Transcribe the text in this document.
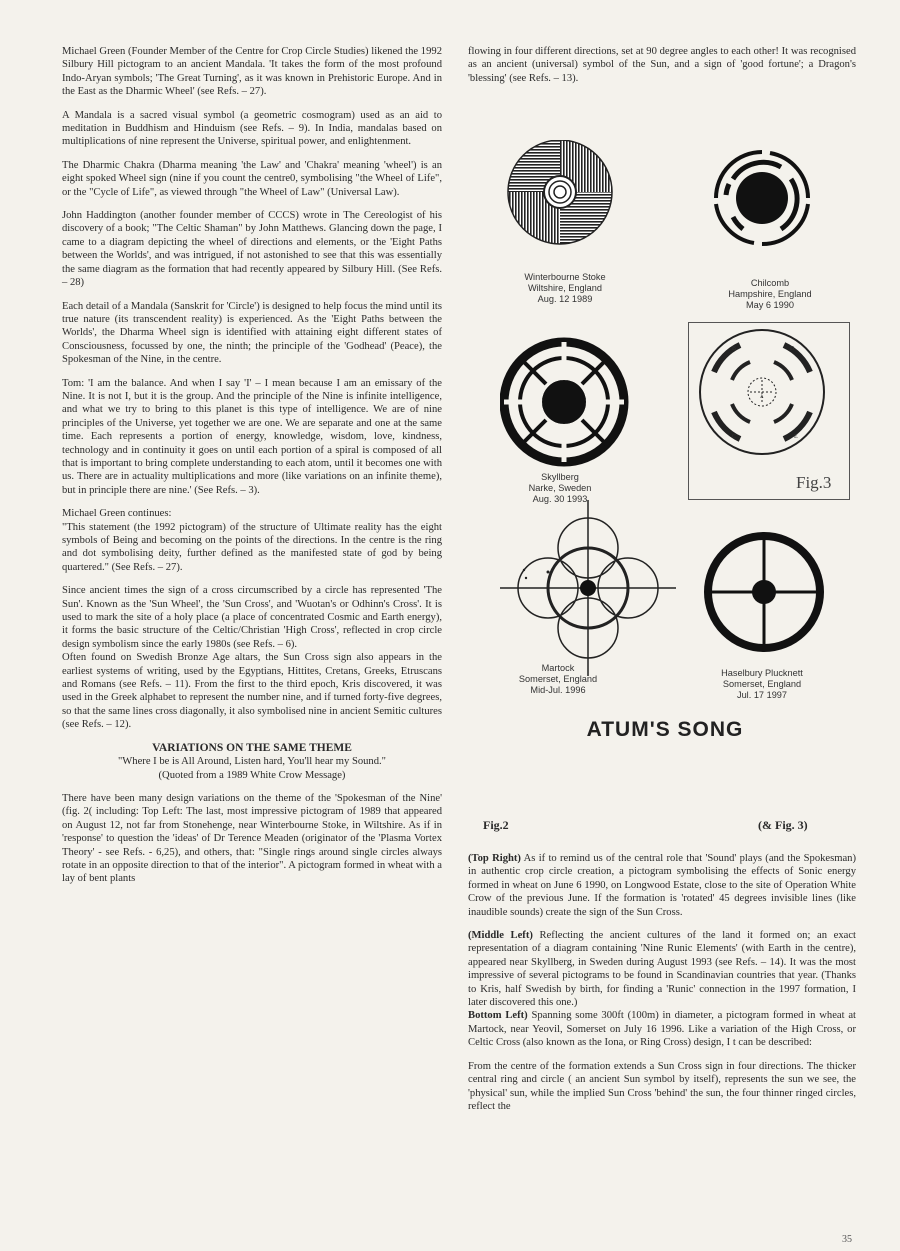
Michael Green (Founder Member of the Centre for Crop Circle Studies) likened the 1992 Silbury Hill pictogram to an ancient Mandala. 'It takes the form of the most profound Indo-Aryan symbols; 'The Great Turning', as it was known in Prehistoric Europe. And in the East as the Dharmic Wheel' (see Refs. – 27).

A Mandala is a sacred visual symbol (a geometric cosmogram) used as an aid to meditation in Buddhism and Hinduism (see Refs. – 9). In India, mandalas based on multiplications of nine represent the Universe, spiritual power, and enlightenment.

The Dharmic Chakra (Dharma meaning 'the Law' and 'Chakra' meaning 'wheel') is an eight spoked Wheel sign (nine if you count the centre0, symbolising "the Wheel of Life", or the "Cycle of Life", as viewed through "the Wheel of Law" (Universal Law).

John Haddington (another founder member of CCCS) wrote in The Cereologist of his discovery of a book; "The Celtic Shaman" by John Matthews. Glancing down the page, I came to a diagram depicting the wheel of directions and elements, or the 'Eight Paths between the Worlds', and was intrigued, if not astonished to see that this was essentially the same diagram as the formation that had recently appeared by Silbury Hill. (See Refs. – 28)

Each detail of a Mandala (Sanskrit for 'Circle') is designed to help focus the mind until its true nature (its transcendent reality) is experienced. As the 'Eight Paths between the Worlds', the Dharma Wheel sign is identified with attaining eight different states of Consciousness, focussed by one, the ninth; the principle of the 'Godhead' (Peace), the Spokesman of the Nine, in the centre.

Tom: 'I am the balance. And when I say 'I' – I mean because I am an emissary of the Nine. It is not I, but it is the group. And the principle of the Nine is infinite intelligence, and what we try to bring to this planet is this type of intelligence. We are of nine principles of the Universe, yet together we are one. We are separate and one at the same time. Each represents a portion of energy, knowledge, wisdom, love, kindness, technology and in continuity it goes on until each portion of a spiral is composed of all that is important to bring complete understanding to each atom, until it becomes one with us. There are in actuality multiplications and more (like variations on an infinite theme), but in principle there are nine.' (See Refs. – 3).

Michael Green continues:

"This statement (the 1992 pictogram) of the structure of Ultimate reality has the eight symbols of Being and becoming on the points of the directions. In the centre is the ring and dot symbolising deity, further defined as the manifested state of god by being quartered." (See Refs. – 27).

Since ancient times the sign of a cross circumscribed by a circle has represented 'The Sun'. Known as the 'Sun Wheel', the 'Sun Cross', and 'Wuotan's or Odhinn's Cross'. It is used to mark the site of a holy place (a place of concentrated Cosmic and Earth energy), it forms the basic structure of the Celtic/Christian 'High Cross', reflected in crop circle design symbolism since the early 1980s (see Refs. – 6).

Often found on Swedish Bronze Age altars, the Sun Cross sign also appears in the earliest systems of writing, used by the Egyptians, Hittites, Cretans, Greeks, Etruscans and Romans (see Refs. – 11). From the first to the third epoch, Kris discovered, it was used in the Greek alphabet to represent the number nine, and if turned forty-five degrees, so that the same lines cross diagonally, it also symbolised nine in ancient Semitic cultures (see Refs. – 12).

VARIATIONS ON THE SAME THEME
"Where I be is All Around, Listen hard, You'll hear my Sound."
(Quoted from a 1989 White Crow Message)

There have been many design variations on the theme of the 'Spokesman of the Nine' (fig. 2( including: Top Left: The last, most impressive pictogram of 1989 that appeared on August 12, not far from Stonehenge, near Winterbourne Stoke, in Wiltshire. As if in 'response' to question the 'ideas' of Dr Terence Meaden (originator of the 'Plasma Vortex Theory' - see Refs. - 6,25), and others, that: "Single rings around single circles always rotate in an opposite direction to that of the interior". A pictogram formed in wheat with a lay of bent plants

flowing in four different directions, set at 90 degree angles to each other! It was recognised as an ancient (universal) symbol of the Sun, and a sign of 'good fortune'; a Dragon's 'blessing' (see Refs. – 13).

B	D
C	E
A
Fig.3
Winterbourne Stoke
Wiltshire, England
Aug. 12 1989
Chilcomb
Hampshire, England
May 6 1990
Skyllberg
Narke, Sweden
Aug. 30 1993
Martock
Somerset, England
Mid-Jul. 1996
Haselbury Plucknett
Somerset, England
Jul. 17 1997
ATUM'S SONG
Fig.2	(& Fig. 3)

(Top Right) As if to remind us of the central role that 'Sound' plays (and the Spokesman) in authentic crop circle creation, a pictogram symbolising the effects of Sonic energy formed in wheat on June 6 1990, on Longwood Estate, close to the site of Operation White Crow of the previous June. If the formation is 'rotated' 45 degrees invisible lines (like inaudible sounds) create the sign of the Sun Cross.

(Middle Left) Reflecting the ancient cultures of the land it formed on; an exact representation of a diagram containing 'Nine Runic Elements' (with Earth in the centre), appeared near Skyllberg, in Sweden during August 1993 (see Refs. – 14). It was the most impressive of several pictograms to be found in Scandinavian countries that year. (Thanks to Kris, half Swedish by birth, for finding a 'Runic' connection in the 1997 formation, I later discovered this one.)

Bottom Left) Spanning some 300ft (100m) in diameter, a pictogram formed in wheat at Martock, near Yeovil, Somerset on July 16 1996. Like a variation of the High Cross, or Celtic Cross (also known as the Iona, or Ring Cross) design, I t can be described:

From the centre of the formation extends a Sun Cross sign in four directions. The thicker central ring and circle ( an ancient Sun symbol by itself), represents the sun we see, the 'physical' sun, while the implied Sun Cross 'behind' the sun, the four thinner ringed circles, reflect the

35
